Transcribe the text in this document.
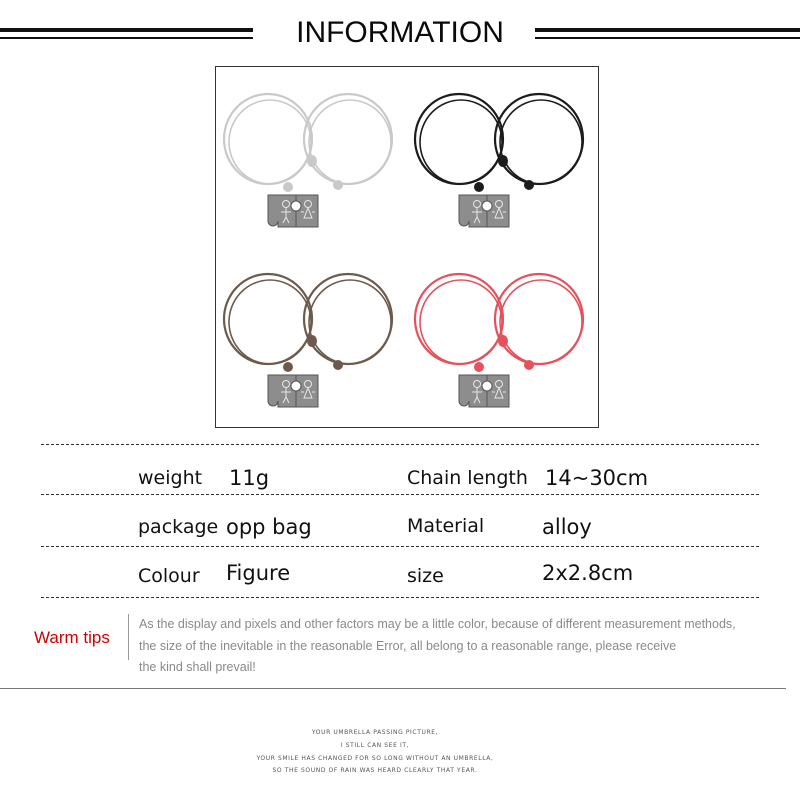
INFORMATION
weight 11g	Chain length 14~30cm
package opp bag	Material	alloy
Colour Figure	size	2x2.8cm
Warm tips
As the display and pixels and other factors may be a little color, because of different measurement methods,
the size of the inevitable in the reasonable Error, all belong to a reasonable range, please receive
the kind shall prevail!
YOUR UMBRELLA PASSING PICTURE,
I STILL CAN SEE IT,
YOUR SMILE HAS CHANGED FOR SO LONG WITHOUT AN UMBRELLA,
SO THE SOUND OF RAIN WAS HEARD CLEARLY THAT YEAR.
